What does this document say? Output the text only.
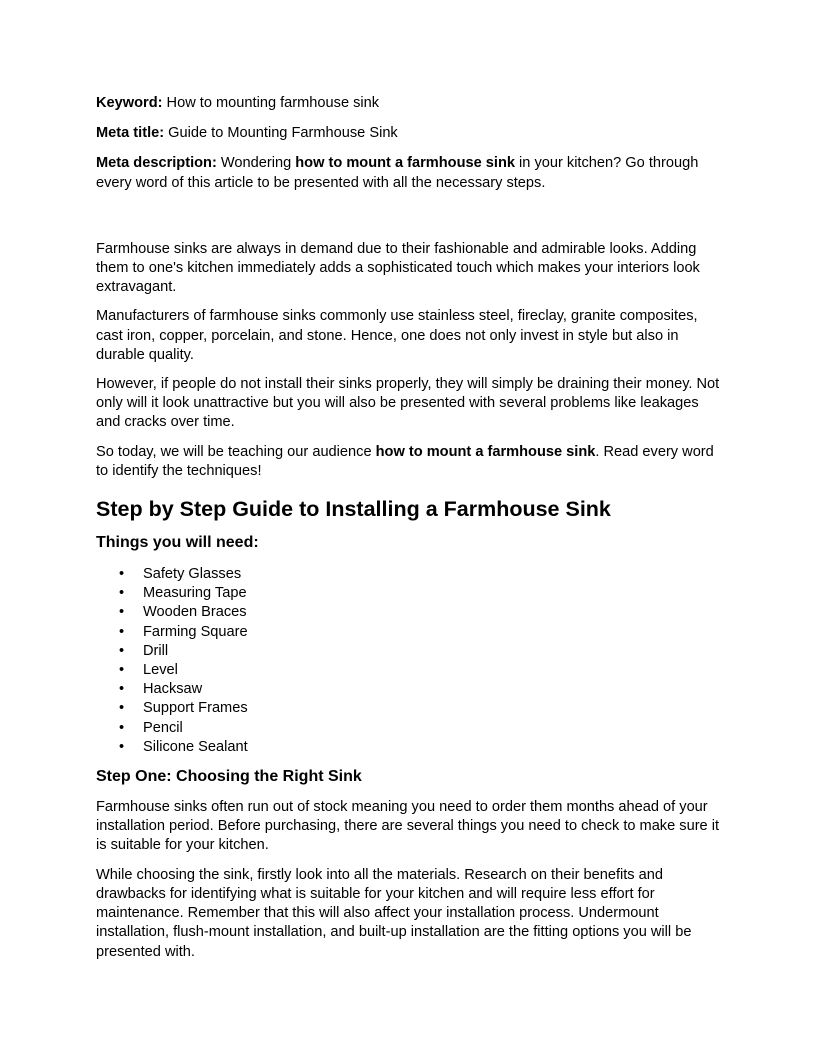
Keyword: How to mounting farmhouse sink

Meta title: Guide to Mounting Farmhouse Sink

Meta description: Wondering how to mount a farmhouse sink in your kitchen? Go through every word of this article to be presented with all the necessary steps.

Farmhouse sinks are always in demand due to their fashionable and admirable looks. Adding them to one's kitchen immediately adds a sophisticated touch which makes your interiors look extravagant.

Manufacturers of farmhouse sinks commonly use stainless steel, fireclay, granite composites, cast iron, copper, porcelain, and stone. Hence, one does not only invest in style but also in durable quality.

However, if people do not install their sinks properly, they will simply be draining their money. Not only will it look unattractive but you will also be presented with several problems like leakages and cracks over time.

So today, we will be teaching our audience how to mount a farmhouse sink. Read every word to identify the techniques!

Step by Step Guide to Installing a Farmhouse Sink
Things you will need:
• Safety Glasses
• Measuring Tape
• Wooden Braces
• Farming Square
• Drill
• Level
• Hacksaw
• Support Frames
• Pencil
• Silicone Sealant
Step One: Choosing the Right Sink

Farmhouse sinks often run out of stock meaning you need to order them months ahead of your installation period. Before purchasing, there are several things you need to check to make sure it is suitable for your kitchen.

While choosing the sink, firstly look into all the materials. Research on their benefits and drawbacks for identifying what is suitable for your kitchen and will require less effort for maintenance. Remember that this will also affect your installation process. Undermount installation, flush-mount installation, and built-up installation are the fitting options you will be presented with.
